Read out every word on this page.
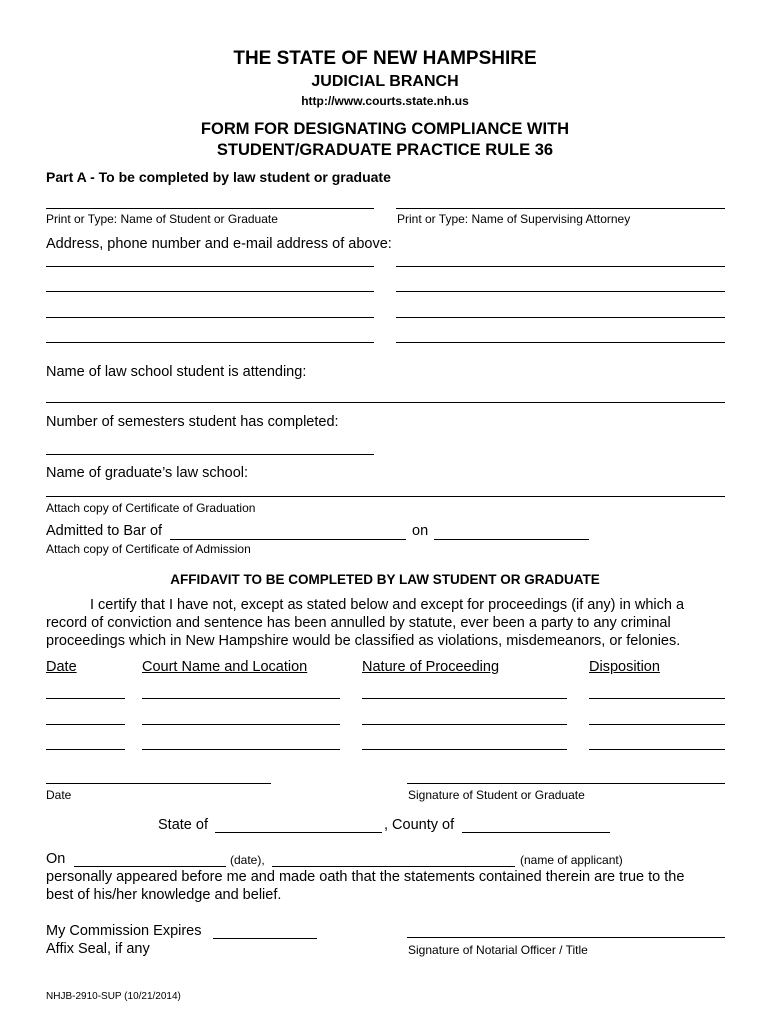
THE STATE OF NEW HAMPSHIRE
JUDICIAL BRANCH
http://www.courts.state.nh.us
FORM FOR DESIGNATING COMPLIANCE WITH
STUDENT/GRADUATE PRACTICE RULE 36
Part A - To be completed by law student or graduate
Print or Type: Name of Student or Graduate	Print or Type: Name of Supervising Attorney
Address, phone number and e-mail address of above:
Name of law school student is attending:
Number of semesters student has completed:
Name of graduate’s law school:
Attach copy of Certificate of Graduation
Admitted to Bar of	on
Attach copy of Certificate of Admission
AFFIDAVIT TO BE COMPLETED BY LAW STUDENT OR GRADUATE
I certify that I have not, except as stated below and except for proceedings (if any) in which a
record of conviction and sentence has been annulled by statute, ever been a party to any criminal
proceedings which in New Hampshire would be classified as violations, misdemeanors, or felonies.
Date	Court Name and Location	Nature of Proceeding	Disposition
Date	Signature of Student or Graduate
State of	, County of
On	(date),	(name of applicant)
personally appeared before me and made oath that the statements contained therein are true to the
best of his/her knowledge and belief.
My Commission Expires
Affix Seal, if any	Signature of Notarial Officer / Title
NHJB-2910-SUP (10/21/2014)
